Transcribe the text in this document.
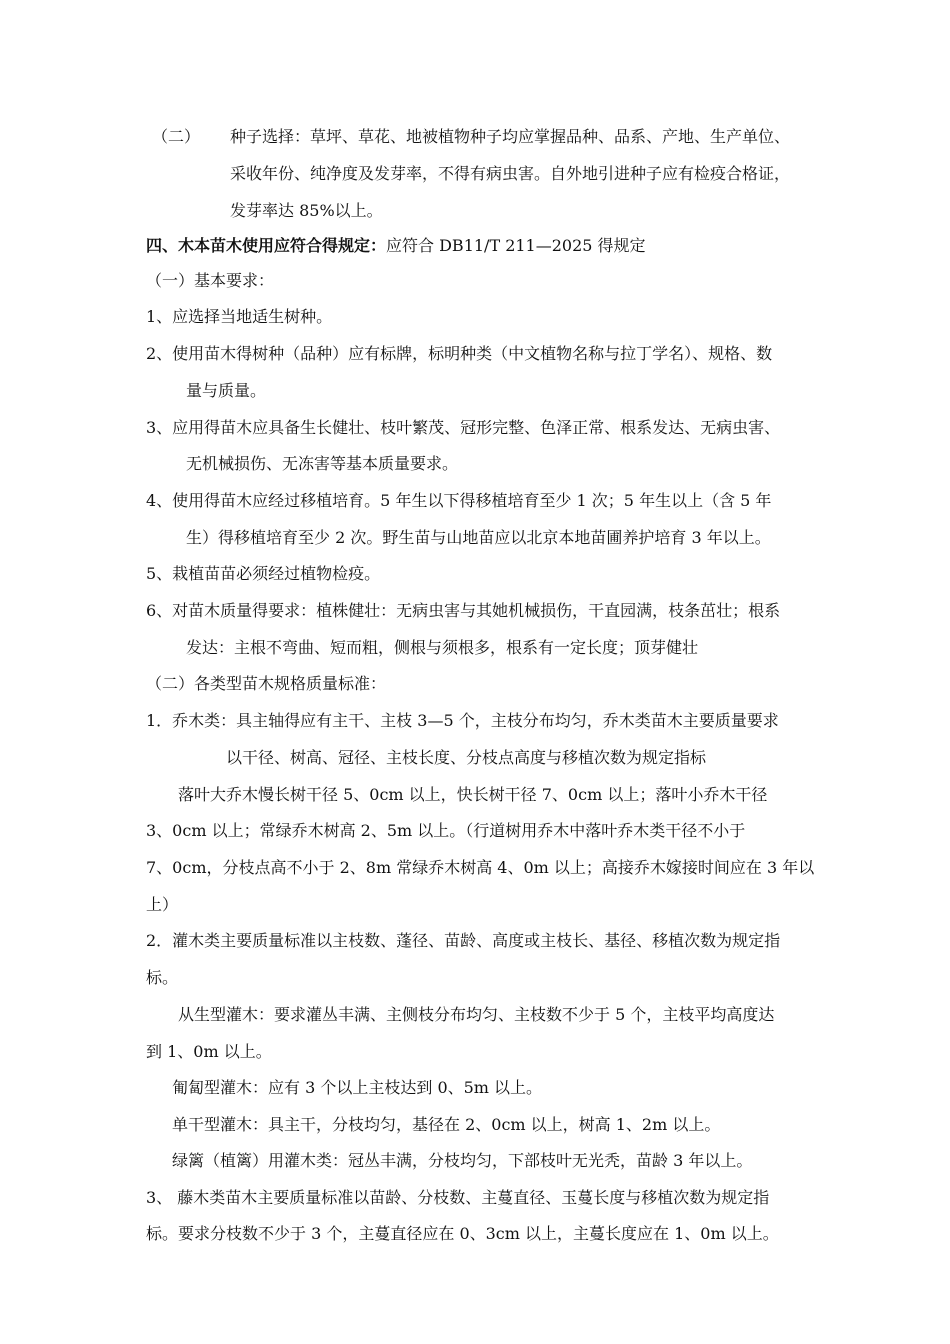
（二） 种子选择：草坪、草花、地被植物种子均应掌握品种、品系、产地、生产单位、
采收年份、纯净度及发芽率，不得有病虫害。自外地引进种子应有检疫合格证，
发芽率达 85%以上。
四、木本苗木使用应符合得规定：应符合 DB11/T 211—2025 得规定
（一）基本要求：
1、应选择当地适生树种。
2、使用苗木得树种（品种）应有标牌，标明种类（中文植物名称与拉丁学名）、规格、数
量与质量。
3、应用得苗木应具备生长健壮、枝叶繁茂、冠形完整、色泽正常、根系发达、无病虫害、
无机械损伤、无冻害等基本质量要求。
4、使用得苗木应经过移植培育。5 年生以下得移植培育至少 1 次；5 年生以上（含 5 年
生）得移植培育至少 2 次。野生苗与山地苗应以北京本地苗圃养护培育 3 年以上。
5、栽植苗苗必须经过植物检疫。
6、对苗木质量得要求：植株健壮：无病虫害与其她机械损伤，干直园满，枝条茁壮；根系
发达：主根不弯曲、短而粗，侧根与须根多，根系有一定长度；顶芽健壮
（二）各类型苗木规格质量标准：
1．乔木类：具主轴得应有主干、主枝 3—5 个，主枝分布均匀，乔木类苗木主要质量要求
以干径、树高、冠径、主枝长度、分枝点高度与移植次数为规定指标
落叶大乔木慢长树干径 5、0cm 以上，快长树干径 7、0cm 以上；落叶小乔木干径
3、0cm 以上；常绿乔木树高 2、5m 以上。（行道树用乔木中落叶乔木类干径不小于
7、0cm，分枝点高不小于 2、8m 常绿乔木树高 4、0m 以上；高接乔木嫁接时间应在 3 年以
上）
2．灌木类主要质量标准以主枝数、蓬径、苗龄、高度或主枝长、基径、移植次数为规定指
标。
从生型灌木：要求灌丛丰满、主侧枝分布均匀、主枝数不少于 5 个，主枝平均高度达
到 1、0m 以上。
匍匐型灌木：应有 3 个以上主枝达到 0、5m 以上。
单干型灌木：具主干，分枝均匀，基径在 2、0cm 以上，树高 1、2m 以上。
绿篱（植篱）用灌木类：冠丛丰满，分枝均匀，下部枝叶无光秃，苗龄 3 年以上。
3、 藤木类苗木主要质量标准以苗龄、分枝数、主蔓直径、玉蔓长度与移植次数为规定指
标。要求分枝数不少于 3 个，主蔓直径应在 0、3cm 以上，主蔓长度应在 1、0m 以上。
